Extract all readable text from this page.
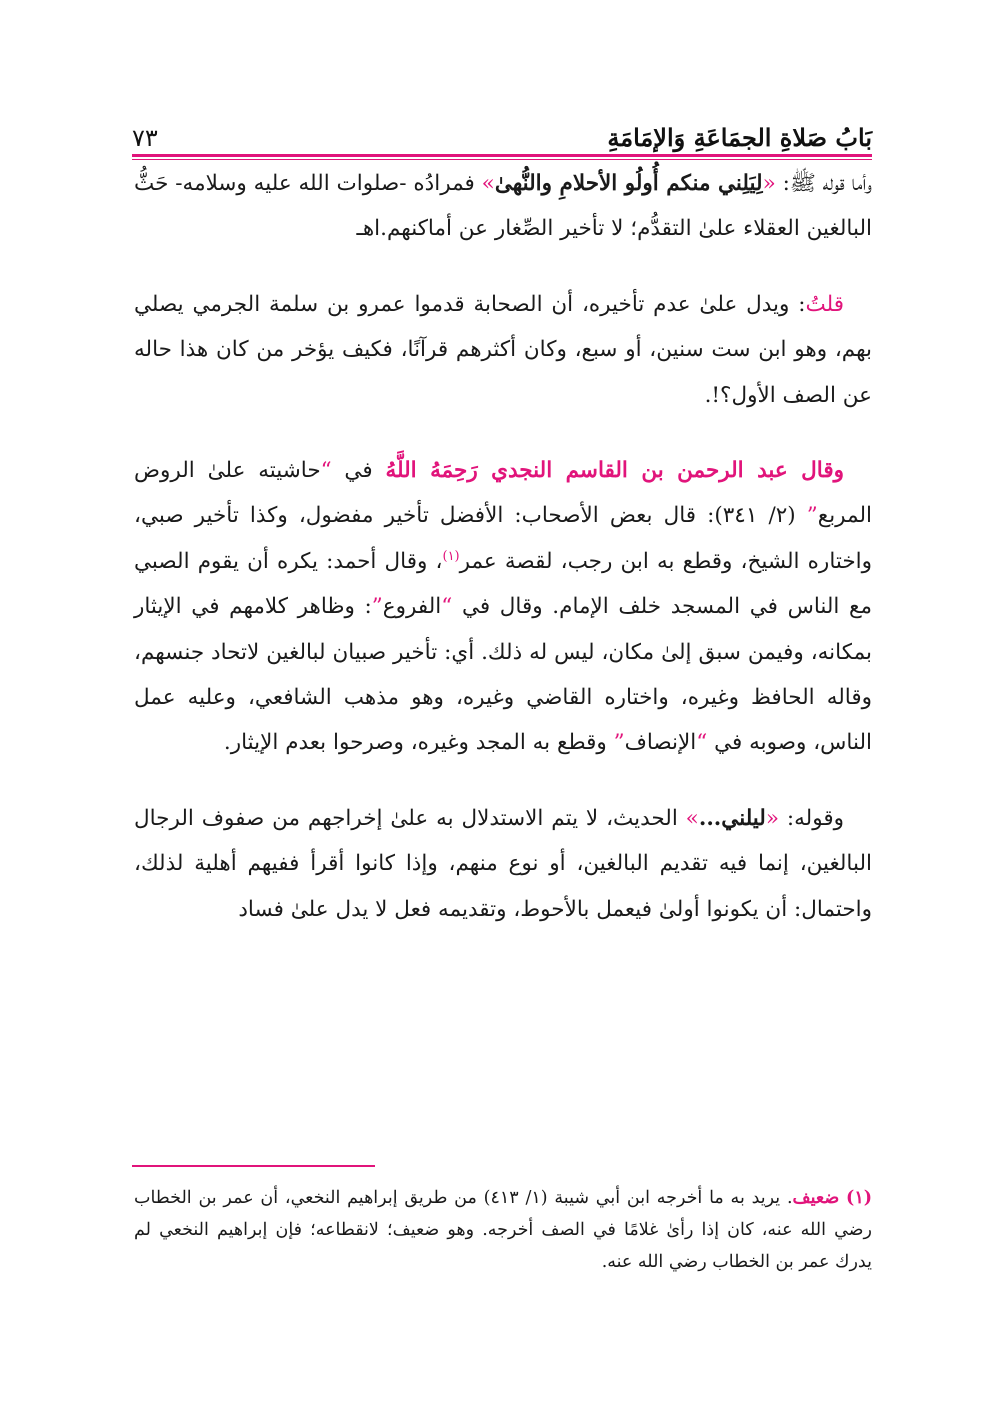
بَابُ صَلاةِ الجمَاعَةِ وَالإمَامَةِ
٧٣

وأما قوله ﷺ: «لِيَلِني منكم أُولُو الأحلامِ والنُّهىٰ» فمرادُه -صلوات الله عليه وسلامه- حَثُّ البالغين العقلاء علىٰ التقدُّم؛ لا تأخير الصِّغار عن أماكنهم.اهـ

قلتُ: ويدل علىٰ عدم تأخيره، أن الصحابة قدموا عمرو بن سلمة الجرمي يصلي بهم، وهو ابن ست سنين، أو سبع، وكان أكثرهم قرآنًا، فكيف يؤخر من كان هذا حاله عن الصف الأول؟!.

وقال عبد الرحمن بن القاسم النجدي رَحِمَهُ اللَّهُ في “حاشيته علىٰ الروض المربع” (٢/ ٣٤١): قال بعض الأصحاب: الأفضل تأخير مفضول، وكذا تأخير صبي، واختاره الشيخ، وقطع به ابن رجب، لقصة عمر$^{(١)}$، وقال أحمد: يكره أن يقوم الصبي مع الناس في المسجد خلف الإمام. وقال في “الفروع”: وظاهر كلامهم في الإيثار بمكانه، وفيمن سبق إلىٰ مكان، ليس له ذلك. أي: تأخير صبيان لبالغين لاتحاد جنسهم، وقاله الحافظ وغيره، واختاره القاضي وغيره، وهو مذهب الشافعي، وعليه عمل الناس، وصوبه في “الإنصاف” وقطع به المجد وغيره، وصرحوا بعدم الإيثار.

وقوله: «ليلني...» الحديث، لا يتم الاستدلال به علىٰ إخراجهم من صفوف الرجال البالغين، إنما فيه تقديم البالغين، أو نوع منهم، وإذا كانوا أقرأ ففيهم أهلية لذلك، واحتمال: أن يكونوا أولىٰ فيعمل بالأحوط، وتقديمه فعل لا يدل علىٰ فساد

(١) ضعيف. يريد به ما أخرجه ابن أبي شيبة (١/ ٤١٣) من طريق إبراهيم النخعي، أن عمر بن الخطاب رضي الله عنه، كان إذا رأىٰ غلامًا في الصف أخرجه. وهو ضعيف؛ لانقطاعه؛ فإن إبراهيم النخعي لم يدرك عمر بن الخطاب رضي الله عنه.
